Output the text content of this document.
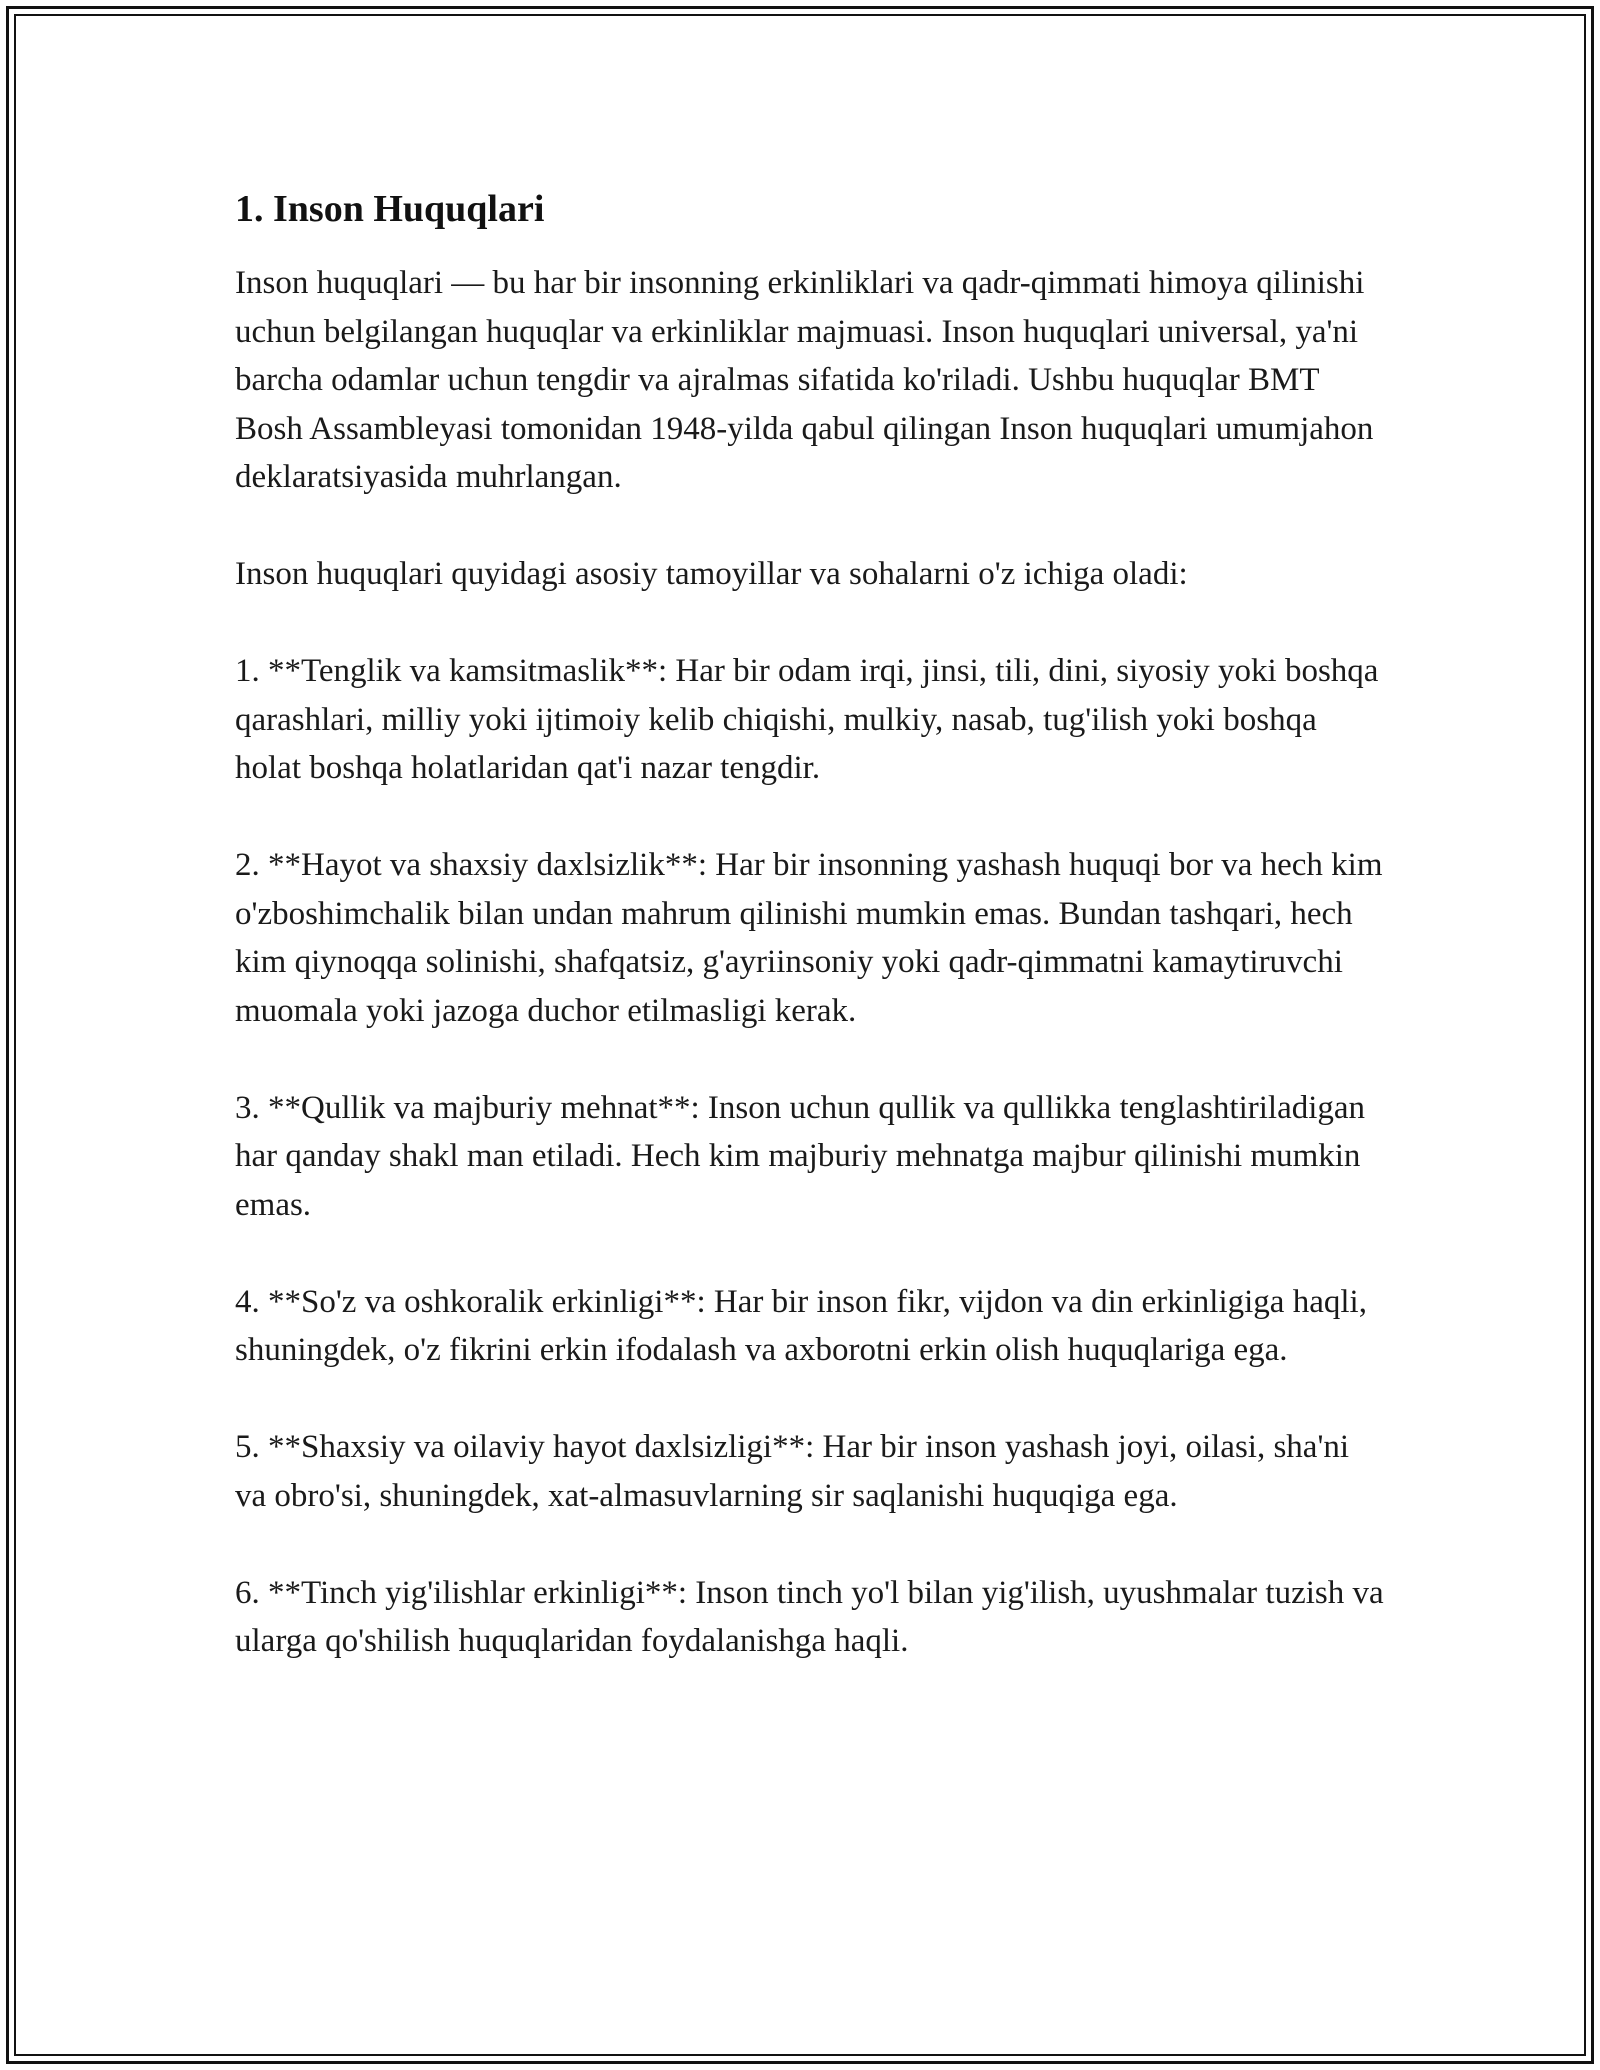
1. Inson Huquqlari

Inson huquqlari — bu har bir insonning erkinliklari va qadr-qimmati himoya qilinishi uchun belgilangan huquqlar va erkinliklar majmuasi. Inson huquqlari universal, ya'ni barcha odamlar uchun tengdir va ajralmas sifatida ko'riladi. Ushbu huquqlar BMT Bosh Assambleyasi tomonidan 1948-yilda qabul qilingan Inson huquqlari umumjahon deklaratsiyasida muhrlangan.

Inson huquqlari quyidagi asosiy tamoyillar va sohalarni o'z ichiga oladi:

1. **Tenglik va kamsitmaslik**: Har bir odam irqi, jinsi, tili, dini, siyosiy yoki boshqa qarashlari, milliy yoki ijtimoiy kelib chiqishi, mulkiy, nasab, tug'ilish yoki boshqa holat boshqa holatlaridan qat'i nazar tengdir.

2. **Hayot va shaxsiy daxlsizlik**: Har bir insonning yashash huquqi bor va hech kim o'zboshimchalik bilan undan mahrum qilinishi mumkin emas. Bundan tashqari, hech kim qiynoqqa solinishi, shafqatsiz, g'ayriinsoniy yoki qadr-qimmatni kamaytiruvchi muomala yoki jazoga duchor etilmasligi kerak.

3. **Qullik va majburiy mehnat**: Inson uchun qullik va qullikka tenglashtiriladigan har qanday shakl man etiladi. Hech kim majburiy mehnatga majbur qilinishi mumkin emas.

4. **So'z va oshkoralik erkinligi**: Har bir inson fikr, vijdon va din erkinligiga haqli, shuningdek, o'z fikrini erkin ifodalash va axborotni erkin olish huquqlariga ega.

5. **Shaxsiy va oilaviy hayot daxlsizligi**: Har bir inson yashash joyi, oilasi, sha'ni va obro'si, shuningdek, xat-almasuvlarning sir saqlanishi huquqiga ega.

6. **Tinch yig'ilishlar erkinligi**: Inson tinch yo'l bilan yig'ilish, uyushmalar tuzish va ularga qo'shilish huquqlaridan foydalanishga haqli.
